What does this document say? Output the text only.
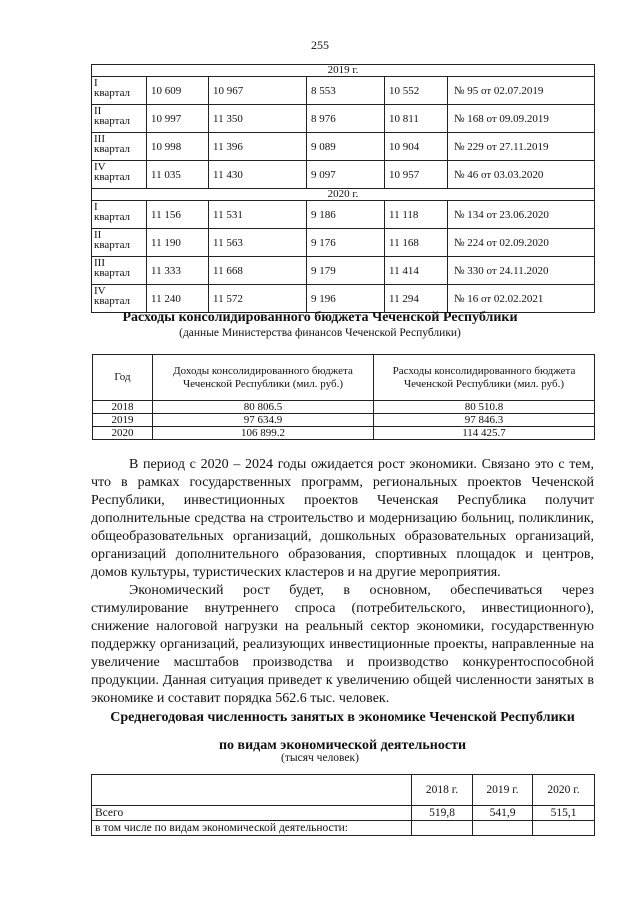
255
2019 г.					

I
квартал	10 609	10 967	8 553	10 552	№ 95 от 02.07.2019

II
квартал	10 997	11 350	8 976	10 811	№ 168 от 09.09.2019

III
квартал	10 998	11 396	9 089	10 904	№ 229 от 27.11.2019

IV
квартал	11 035	11 430	9 097	10 957	№ 46 от 03.03.2020
2020 г.					

I
квартал	11 156	11 531	9 186	11 118	№ 134 от 23.06.2020

II
квартал	11 190	11 563	9 176	11 168	№ 224 от 02.09.2020

III
квартал	11 333	11 668	9 179	11 414	№ 330 от 24.11.2020

IV
квартал	11 240	11 572	9 196	11 294	№ 16 от 02.02.2021
Расходы консолидированного бюджета Чеченской Республики
(данные Министерства финансов Чеченской Республики)
Год	Доходы консолидированного бюджета Чеченской Республики (мил. руб.)	Расходы консолидированного бюджета Чеченской Республики (мил. руб.)
2018	80 806.5	80 510.8
2019	97 634.9	97 846.3
2020	106 899.2	114 425.7

В период с 2020 – 2024 годы ожидается рост экономики. Связано это с тем, что в рамках государственных программ, региональных проектов Чеченской Республики, инвестиционных проектов Чеченская Республика получит дополнительные средства на строительство и модернизацию больниц, поликлиник, общеобразовательных организаций, дошкольных образовательных организаций, организаций дополнительного образования, спортивных площадок и центров, домов культуры, туристических кластеров и на другие мероприятия.

Экономический рост будет, в основном, обеспечиваться через стимулирование внутреннего спроса (потребительского, инвестиционного), снижение налоговой нагрузки на реальный сектор экономики, государственную поддержку организаций, реализующих инвестиционные проекты, направленные на увеличение масштабов производства и производство конкурентоспособной продукции. Данная ситуация приведет к увеличению общей численности занятых в экономике и составит порядка 562.6 тыс. человек.

Среднегодовая численность занятых в экономике Чеченской Республики
по видам экономической деятельности
(тысяч человек)
	2018 г.	2019 г.	2020 г.
Всего	519,8	541,9	515,1
в том числе по видам экономической деятельности:			
